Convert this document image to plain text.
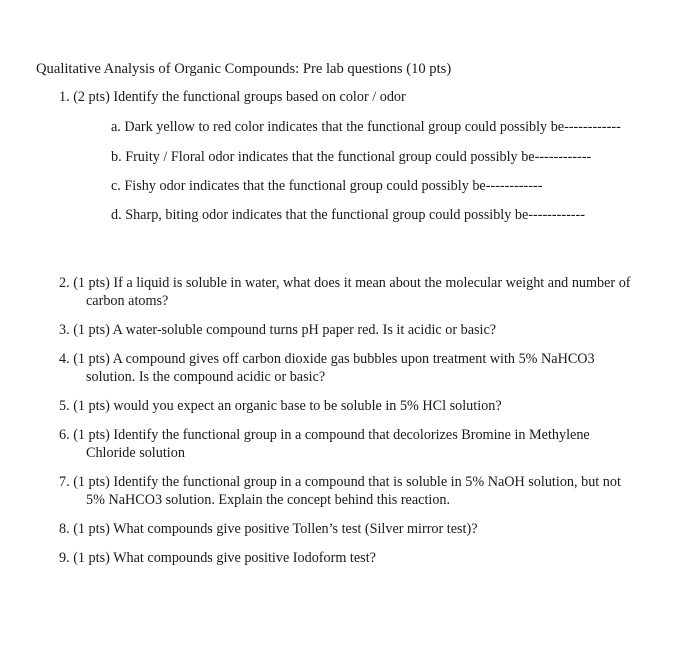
Qualitative Analysis of Organic Compounds: Pre lab questions (10 pts)
1. (2 pts) Identify the functional groups based on color / odor
a. Dark yellow to red color indicates that the functional group could possibly be------------
b. Fruity / Floral odor indicates that the functional group could possibly be------------
c. Fishy odor indicates that the functional group could possibly be------------
d. Sharp, biting odor indicates that the functional group could possibly be------------
2. (1 pts) If a liquid is soluble in water, what does it mean about the molecular weight and number of
carbon atoms?
3. (1 pts) A water-soluble compound turns pH paper red. Is it acidic or basic?
4. (1 pts) A compound gives off carbon dioxide gas bubbles upon treatment with 5% NaHCO3
solution. Is the compound acidic or basic?
5. (1 pts) would you expect an organic base to be soluble in 5% HCl solution?
6. (1 pts) Identify the functional group in a compound that decolorizes Bromine in Methylene
Chloride solution
7. (1 pts) Identify the functional group in a compound that is soluble in 5% NaOH solution, but not
5% NaHCO3 solution. Explain the concept behind this reaction.
8. (1 pts) What compounds give positive Tollen’s test (Silver mirror test)?
9. (1 pts) What compounds give positive Iodoform test?
